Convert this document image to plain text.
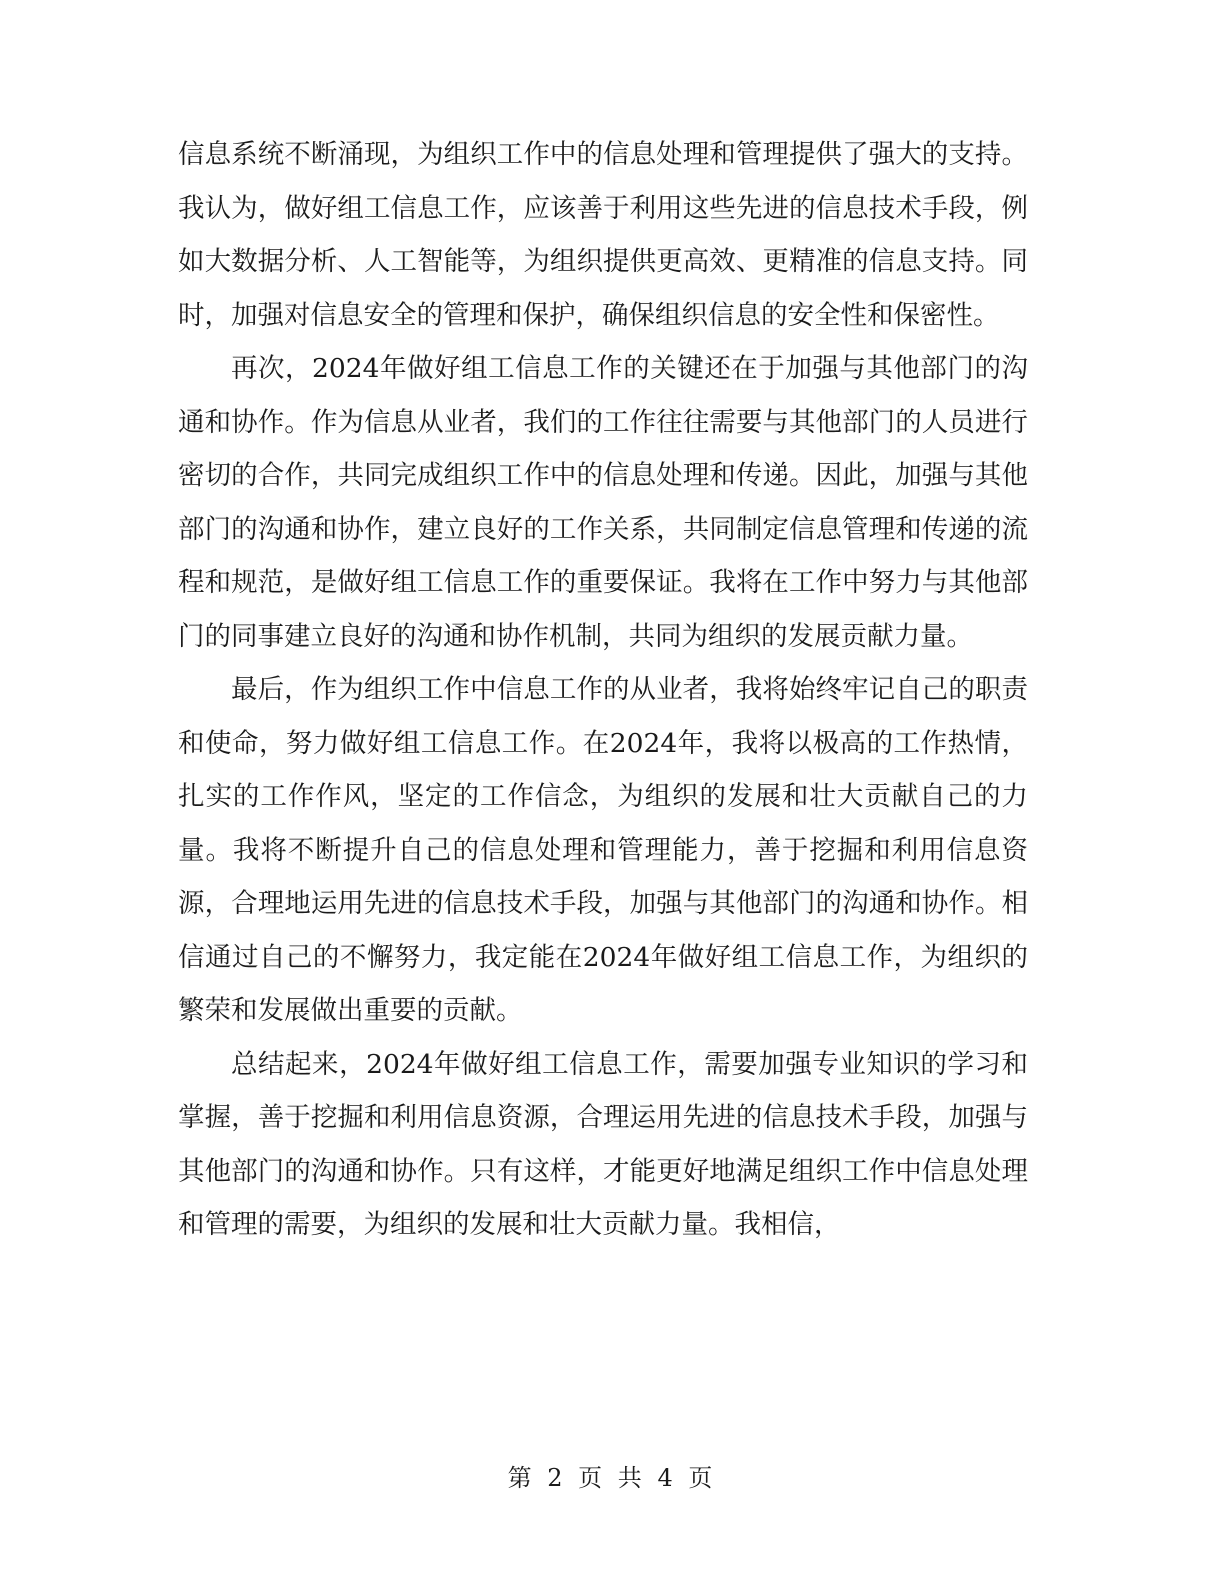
信息系统不断涌现，为组织工作中的信息处理和管理提供了强大的支持。我认为，做好组工信息工作，应该善于利用这些先进的信息技术手段，例如大数据分析、人工智能等，为组织提供更高效、更精准的信息支持。同时，加强对信息安全的管理和保护，确保组织信息的安全性和保密性。

再次，2024年做好组工信息工作的关键还在于加强与其他部门的沟通和协作。作为信息从业者，我们的工作往往需要与其他部门的人员进行密切的合作，共同完成组织工作中的信息处理和传递。因此，加强与其他部门的沟通和协作，建立良好的工作关系，共同制定信息管理和传递的流程和规范，是做好组工信息工作的重要保证。我将在工作中努力与其他部门的同事建立良好的沟通和协作机制，共同为组织的发展贡献力量。

最后，作为组织工作中信息工作的从业者，我将始终牢记自己的职责和使命，努力做好组工信息工作。在2024年，我将以极高的工作热情，扎实的工作作风，坚定的工作信念，为组织的发展和壮大贡献自己的力量。我将不断提升自己的信息处理和管理能力，善于挖掘和利用信息资源，合理地运用先进的信息技术手段，加强与其他部门的沟通和协作。相信通过自己的不懈努力，我定能在2024年做好组工信息工作，为组织的繁荣和发展做出重要的贡献。

总结起来，2024年做好组工信息工作，需要加强专业知识的学习和掌握，善于挖掘和利用信息资源，合理运用先进的信息技术手段，加强与其他部门的沟通和协作。只有这样，才能更好地满足组织工作中信息处理和管理的需要，为组织的发展和壮大贡献力量。我相信，

第 2 页 共 4 页
